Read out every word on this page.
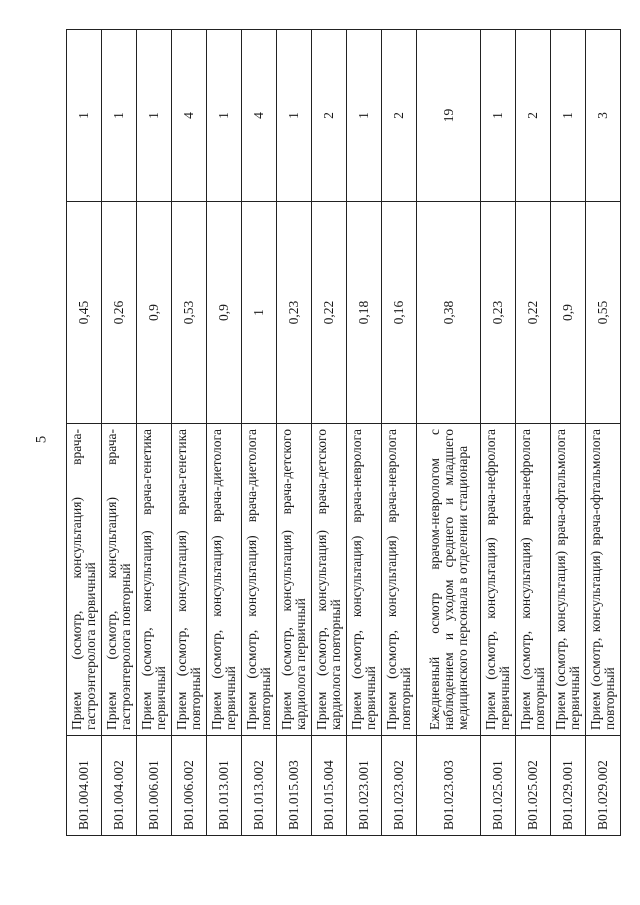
5
B01.004.001	Прием (осмотр, консультация) врача-гастроэнтеролога первичный	0,45	1
B01.004.002	Прием (осмотр, консультация) врача-гастроэнтеролога повторный	0,26	1
B01.006.001	Прием (осмотр, консультация) врача-генетика первичный	0,9	1
B01.006.002	Прием (осмотр, консультация) врача-генетика повторный	0,53	4
B01.013.001	Прием (осмотр, консультация) врача-диетолога первичный	0,9	1
B01.013.002	Прием (осмотр, консультация) врача-диетолога повторный	1	4
B01.015.003	Прием (осмотр, консультация) врача-детского кардиолога первичный	0,23	1
B01.015.004	Прием (осмотр, консультация) врача-детского кардиолога повторный	0,22	2
B01.023.001	Прием (осмотр, консультация) врача-невролога первичный	0,18	1
B01.023.002	Прием (осмотр, консультация) врача-невролога повторный	0,16	2
B01.023.003	Ежедневный осмотр врачом-неврологом с наблюдением и уходом среднего и младшего медицинского персонала в отделении стационара	0,38	19
B01.025.001	Прием (осмотр, консультация) врача-нефролога первичный	0,23	1
B01.025.002	Прием (осмотр, консультация) врача-нефролога повторный	0,22	2
B01.029.001	Прием (осмотр, консультация) врача-офтальмолога первичный	0,9	1
B01.029.002	Прием (осмотр, консультация) врача-офтальмолога повторный	0,55	3
